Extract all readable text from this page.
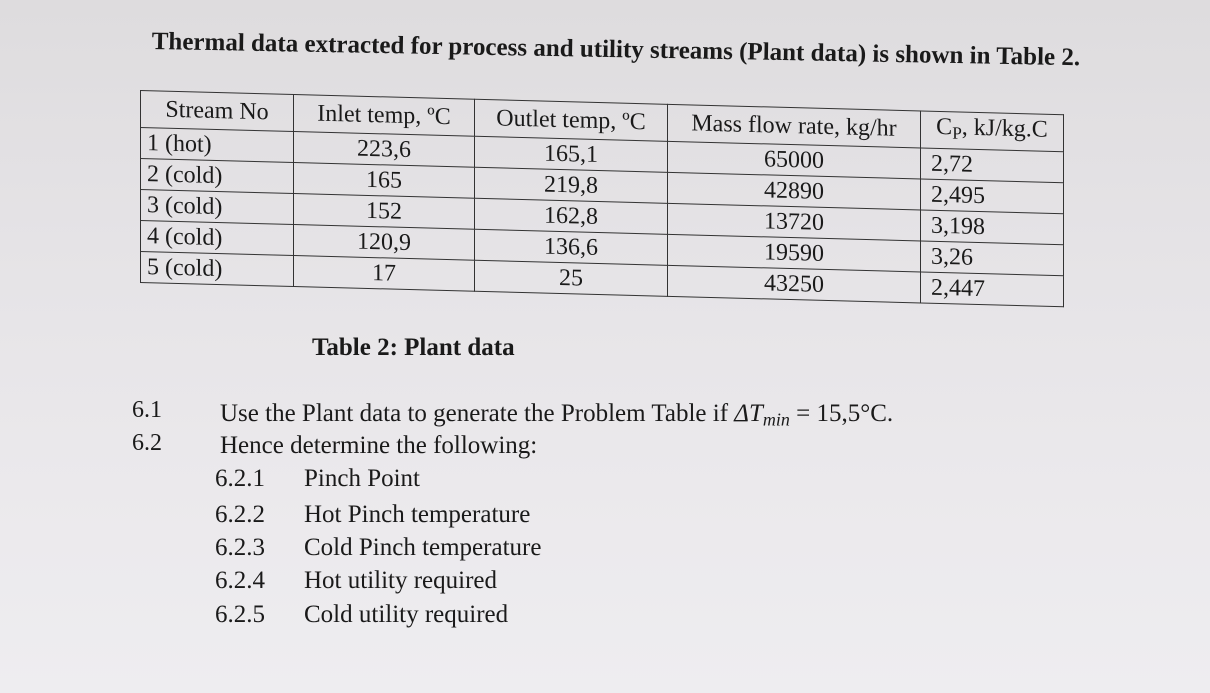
Thermal data extracted for process and utility streams (Plant data) is shown in Table 2.
Stream No	Inlet temp, ºC	Outlet temp, ºC	Mass flow rate, kg/hr	$C_P$, kJ/kg.C
1 (hot)	223,6	165,1	65000	2,72
2 (cold)	165	219,8	42890	2,495
3 (cold)	152	162,8	13720	3,198
4 (cold)	120,9	136,6	19590	3,26
5 (cold)	17	25	43250	2,447
Table 2: Plant data
6.1 Use the Plant data to generate the Problem Table if $\Delta T_{min} = 15,5^\circ C$.
6.2 Hence determine the following:
6.2.1 Pinch Point
6.2.2 Hot Pinch temperature
6.2.3 Cold Pinch temperature
6.2.4 Hot utility required
6.2.5 Cold utility required
